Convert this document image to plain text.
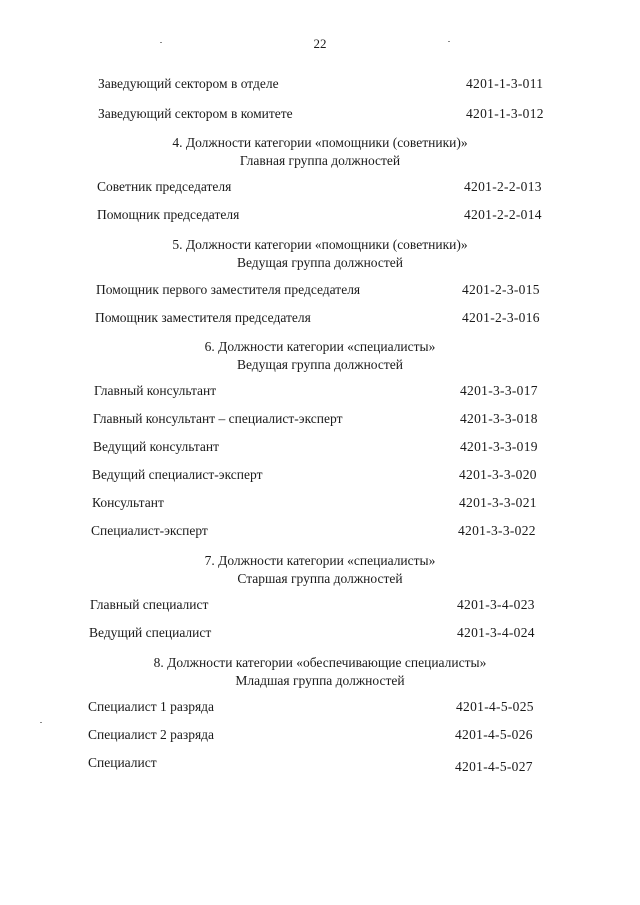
22
Заведующий сектором в отделе	4201-1-3-011
Заведующий сектором в комитете	4201-1-3-012
4. Должности категории «помощники (советники)»
Главная группа должностей
Советник председателя	4201-2-2-013
Помощник председателя	4201-2-2-014
5. Должности категории «помощники (советники)»
Ведущая группа должностей
Помощник первого заместителя председателя	4201-2-3-015
Помощник заместителя председателя	4201-2-3-016
6. Должности категории «специалисты»
Ведущая группа должностей
Главный консультант	4201-3-3-017
Главный консультант – специалист-эксперт	4201-3-3-018
Ведущий консультант	4201-3-3-019
Ведущий специалист-эксперт	4201-3-3-020
Консультант	4201-3-3-021
Специалист-эксперт	4201-3-3-022
7. Должности категории «специалисты»
Старшая группа должностей
Главный специалист	4201-3-4-023
Ведущий специалист	4201-3-4-024
8. Должности категории «обеспечивающие специалисты»
Младшая группа должностей
Специалист 1 разряда	4201-4-5-025
Специалист 2 разряда	4201-4-5-026
Специалист	4201-4-5-027
